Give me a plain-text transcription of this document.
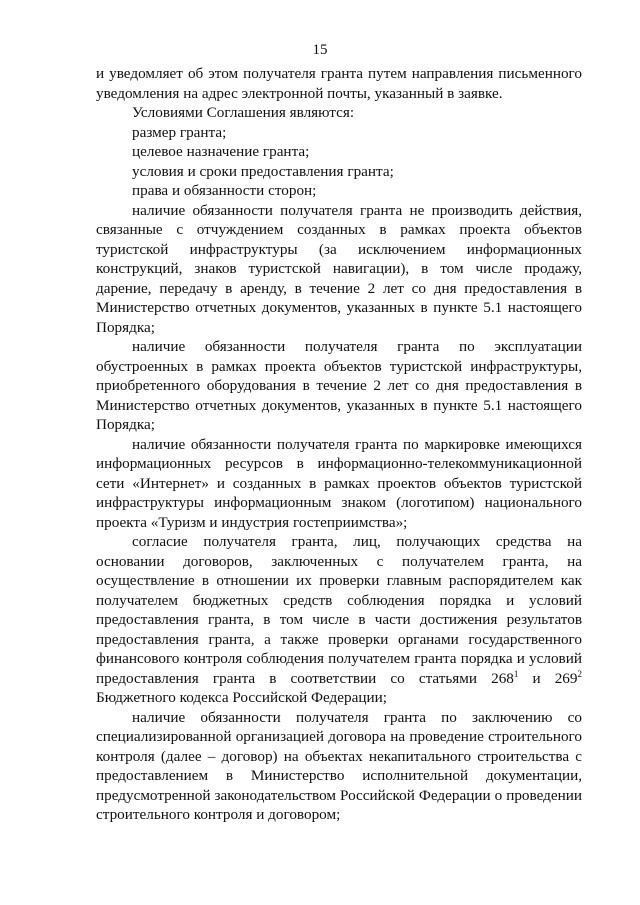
15

и уведомляет об этом получателя гранта путем направления письменного уведомления на адрес электронной почты, указанный в заявке.

Условиями Соглашения являются:

размер гранта;

целевое назначение гранта;

условия и сроки предоставления гранта;

права и обязанности сторон;

наличие обязанности получателя гранта не производить действия, связанные с отчуждением созданных в рамках проекта объектов туристской инфраструктуры (за исключением информационных конструкций, знаков туристской навигации), в том числе продажу, дарение, передачу в аренду, в течение 2 лет со дня предоставления в Министерство отчетных документов, указанных в пункте 5.1 настоящего Порядка;

наличие обязанности получателя гранта по эксплуатации обустроенных в рамках проекта объектов туристской инфраструктуры, приобретенного оборудования в течение 2 лет со дня предоставления в Министерство отчетных документов, указанных в пункте 5.1 настоящего Порядка;

наличие обязанности получателя гранта по маркировке имеющихся информационных ресурсов в информационно-телекоммуникационной сети «Интернет» и созданных в рамках проектов объектов туристской инфраструктуры информационным знаком (логотипом) национального проекта «Туризм и индустрия гостеприимства»;

согласие получателя гранта, лиц, получающих средства на основании договоров, заключенных с получателем гранта, на осуществление в отношении их проверки главным распорядителем как получателем бюджетных средств соблюдения порядка и условий предоставления гранта, в том числе в части достижения результатов предоставления гранта, а также проверки органами государственного финансового контроля соблюдения получателем гранта порядка и условий предоставления гранта в соответствии со статьями $268^1$ и $269^2$ Бюджетного кодекса Российской Федерации;

наличие обязанности получателя гранта по заключению со специализированной организацией договора на проведение строительного контроля (далее – договор) на объектах некапитального строительства с предоставлением в Министерство исполнительной документации, предусмотренной законодательством Российской Федерации о проведении строительного контроля и договором;
